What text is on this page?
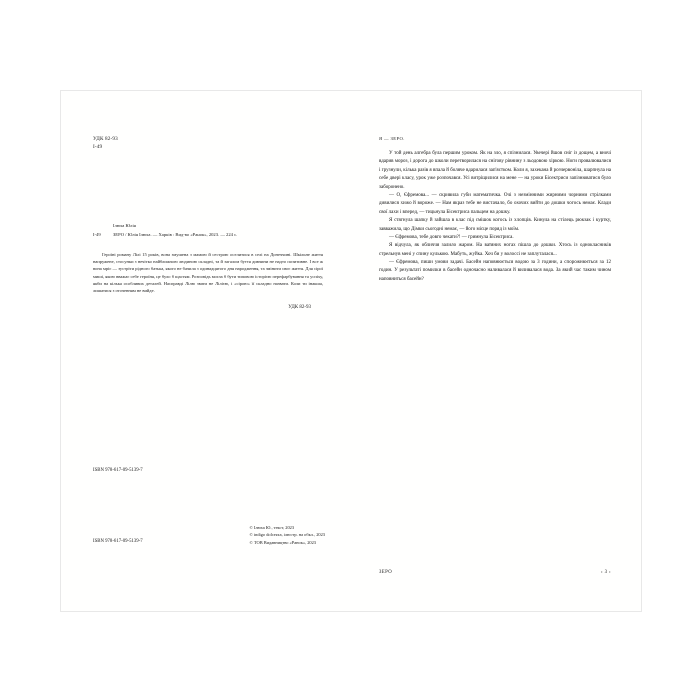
УДК 82-93
І-49
Ілюха Юлія
І-49	ЗЕРО / Юлія Ілюха. — Харків : Вид-во «Ранок», 2023. — 224 с.
Героїні роману Лілі 15 років, вона змушена з мамою й сестрою оселитися в селі на Донеччині. Шкільне життя напружене, стосунки з нечітко найближчою людиною складні, та й загалом буття дивчини не надто позитивне. І все ж вона мріє — зустріти рідного батька, якого не бачила з одинадцятого дня народження, та змінити своє життя. Для сірої миші, якою вважає себе героїня, це було б щастям. Розповідь могла б бути типовою історією перефарбування та успіху, якби на кілька особливих деталей. Насправді Лілю звати не Лілією, і «сірою» її складно назвати. Коли ти інакша, лишатися з оточенням не вийде.
УДК 82-93
ISBN 978-617-09-5139-7
ISBN 978-617-09-5139-7
© Ілюха Ю., текст, 2023
© indigo dolcezza, ілюстр. на обкл., 2023
© ТОВ Видавництво «Ранок», 2023
Я — ЗЕРО.

У той день алгебра була першим уроком. Як на зло, я спізнилася. Увечері йшов сніг із дощем, а вночі вдарив мороз, і дорога до школи перетворилася на снігову рівнину з льодовою хіркою. Ноги провалювалися і грузнули, кілька разів я впала й боляче вдарилася зап'ястком. Коли я, захекана й розчервоніла, шарпнула на себе двері класу, урок уже розпочався. Усі витріщилися на мене — на уроки Бісектриси запізнюватися було заборонено.

— О, Єфремова... — скривила губи математичка. Очі з незмінними жирними чорними стрілками дивилися хижо й вороже. — Нам якраз тебе не вистачало, бо охочих вийти до дошки чогось немає. Клади свої лахи і вперед, — тицьнула Бісектриса пальцем на дошку.

Я стягнула шапку й зайшла в клас під смішок когось із хлопців. Кинула на стілець рюкзак і куртку, завважила, що Дімки сьогодні немає, — його місце поряд із моїм.

— Єфремова, тебе довго чекати?! — гримнула Бісектриса.

Я відчула, як обличчя залило жаром. На ватяних ногах пішла до дошки. Хтось із однокласників стрельнув мені у спину кулькою. Мабуть, жуйка. Хоч би у волоссі не заплуталася...

— Єфремова, пиши умови задачі. Басейн наповнюється водою за 3 години, а спорожнюється за 12 годин. У результаті помилки в басейн одночасно наливалася й виливалася вода. За який час таким чином наповниться басейн?

ЗЕРО	‹ 3 ›
